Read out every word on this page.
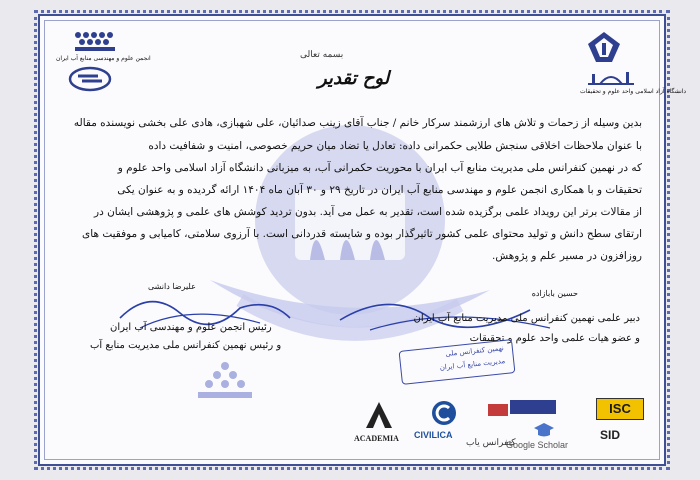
انجمن علوم و مهندسی منابع آب ایران
دانشگاه آزاد اسلامی واحد علوم و تحقیقات
بسمه تعالی
لوح تقدیر
بدین وسیله از زحمات و تلاش های ارزشمند سرکار خانم / جناب آقای زینب صدائیان، علی شهبازی، هادی علی بخشی نویسنده مقاله
با عنوان ملاحظات اخلاقی سنجش طلایی حکمرانی داده: تعادل یا تضاد میان حریم خصوصی، امنیت و شفافیت داده
که در نهمین کنفرانس ملی مدیریت منابع آب ایران با محوریت حکمرانی آب، به میزبانی دانشگاه آزاد اسلامی واحد علوم و
تحقیقات و با همکاری انجمن علوم و مهندسی منابع آب ایران در تاریخ ۲۹ و ۳۰ آبان ماه ۱۴۰۴ ارائه گردیده و به عنوان یکی
از مقالات برتر این رویداد علمی برگزیده شده است، تقدیر به عمل می آید. بدون تردید کوشش های علمی و پژوهشی ایشان در
ارتقای سطح دانش و تولید محتوای علمی کشور تاثیرگذار بوده و شایسته قدردانی است. با آرزوی سلامتی، کامیابی و موفقیت های
روزافزون در مسیر علم و پژوهش.
علیرضا دانشی
رئیس انجمن علوم و مهندسی آب ایران
و رئیس نهمین کنفرانس ملی مدیریت منابع آب
حسین بابازاده
دبیر علمی نهمین کنفرانس ملی مدیریت منابع آب ایران
و عضو هیات علمی واحد علوم و تحقیقات
نهمین کنفرانس ملی
مدیریت منابع آب ایران
ISC
SID
Google Scholar
کنفرانس یاب
CIVILICA
ACADEMIA
